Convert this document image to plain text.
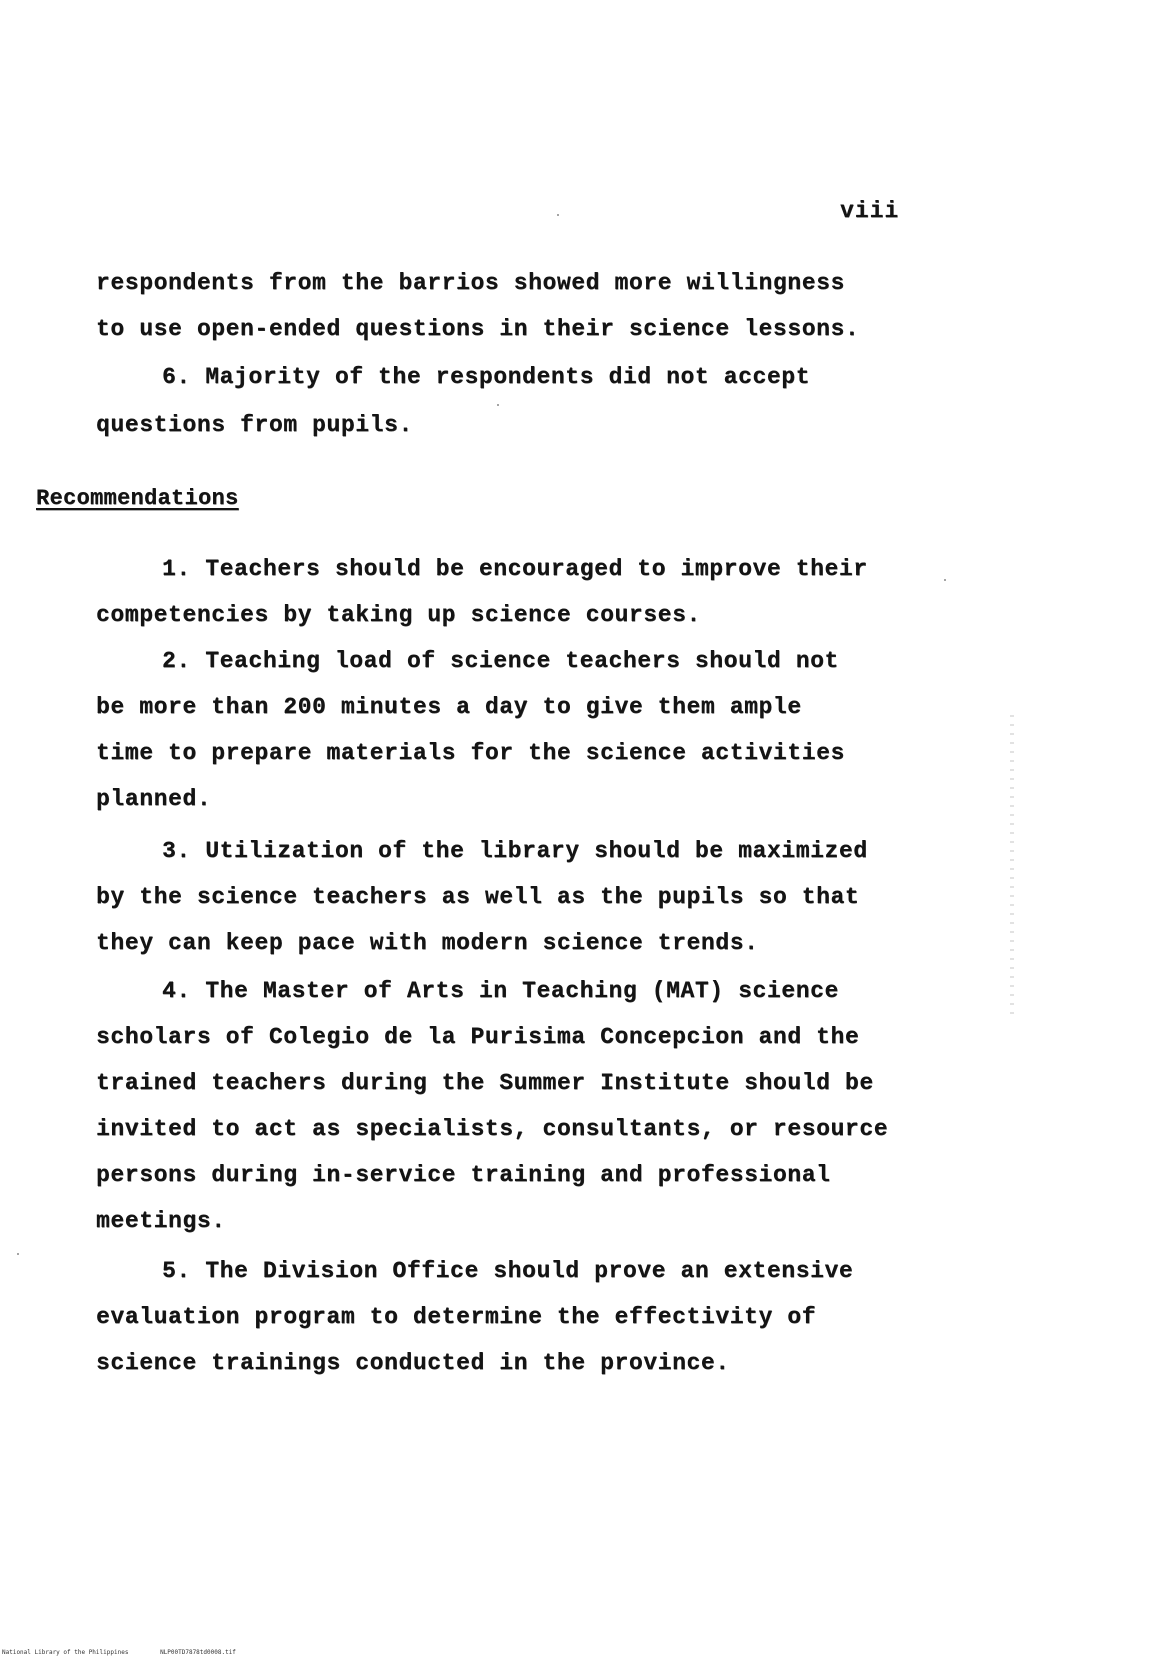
viii
respondents from the barrios showed more willingness
to use open-ended questions in their science lessons.
6. Majority of the respondents did not accept
questions from pupils.
Recommendations
1. Teachers should be encouraged to improve their
competencies by taking up science courses.
2. Teaching load of science teachers should not
be more than 200 minutes a day to give them ample
time to prepare materials for the science activities
planned.
3. Utilization of the library should be maximized
by the science teachers as well as the pupils so that
they can keep pace with modern science trends.
4. The Master of Arts in Teaching (MAT) science
scholars of Colegio de la Purisima Concepcion and the
trained teachers during the Summer Institute should be
invited to act as specialists, consultants, or resource
persons during in-service training and professional
meetings.
5. The Division Office should prove an extensive
evaluation program to determine the effectivity of
science trainings conducted in the province.
National Library of the Philippines	NLP00TD7878td0008.tif
